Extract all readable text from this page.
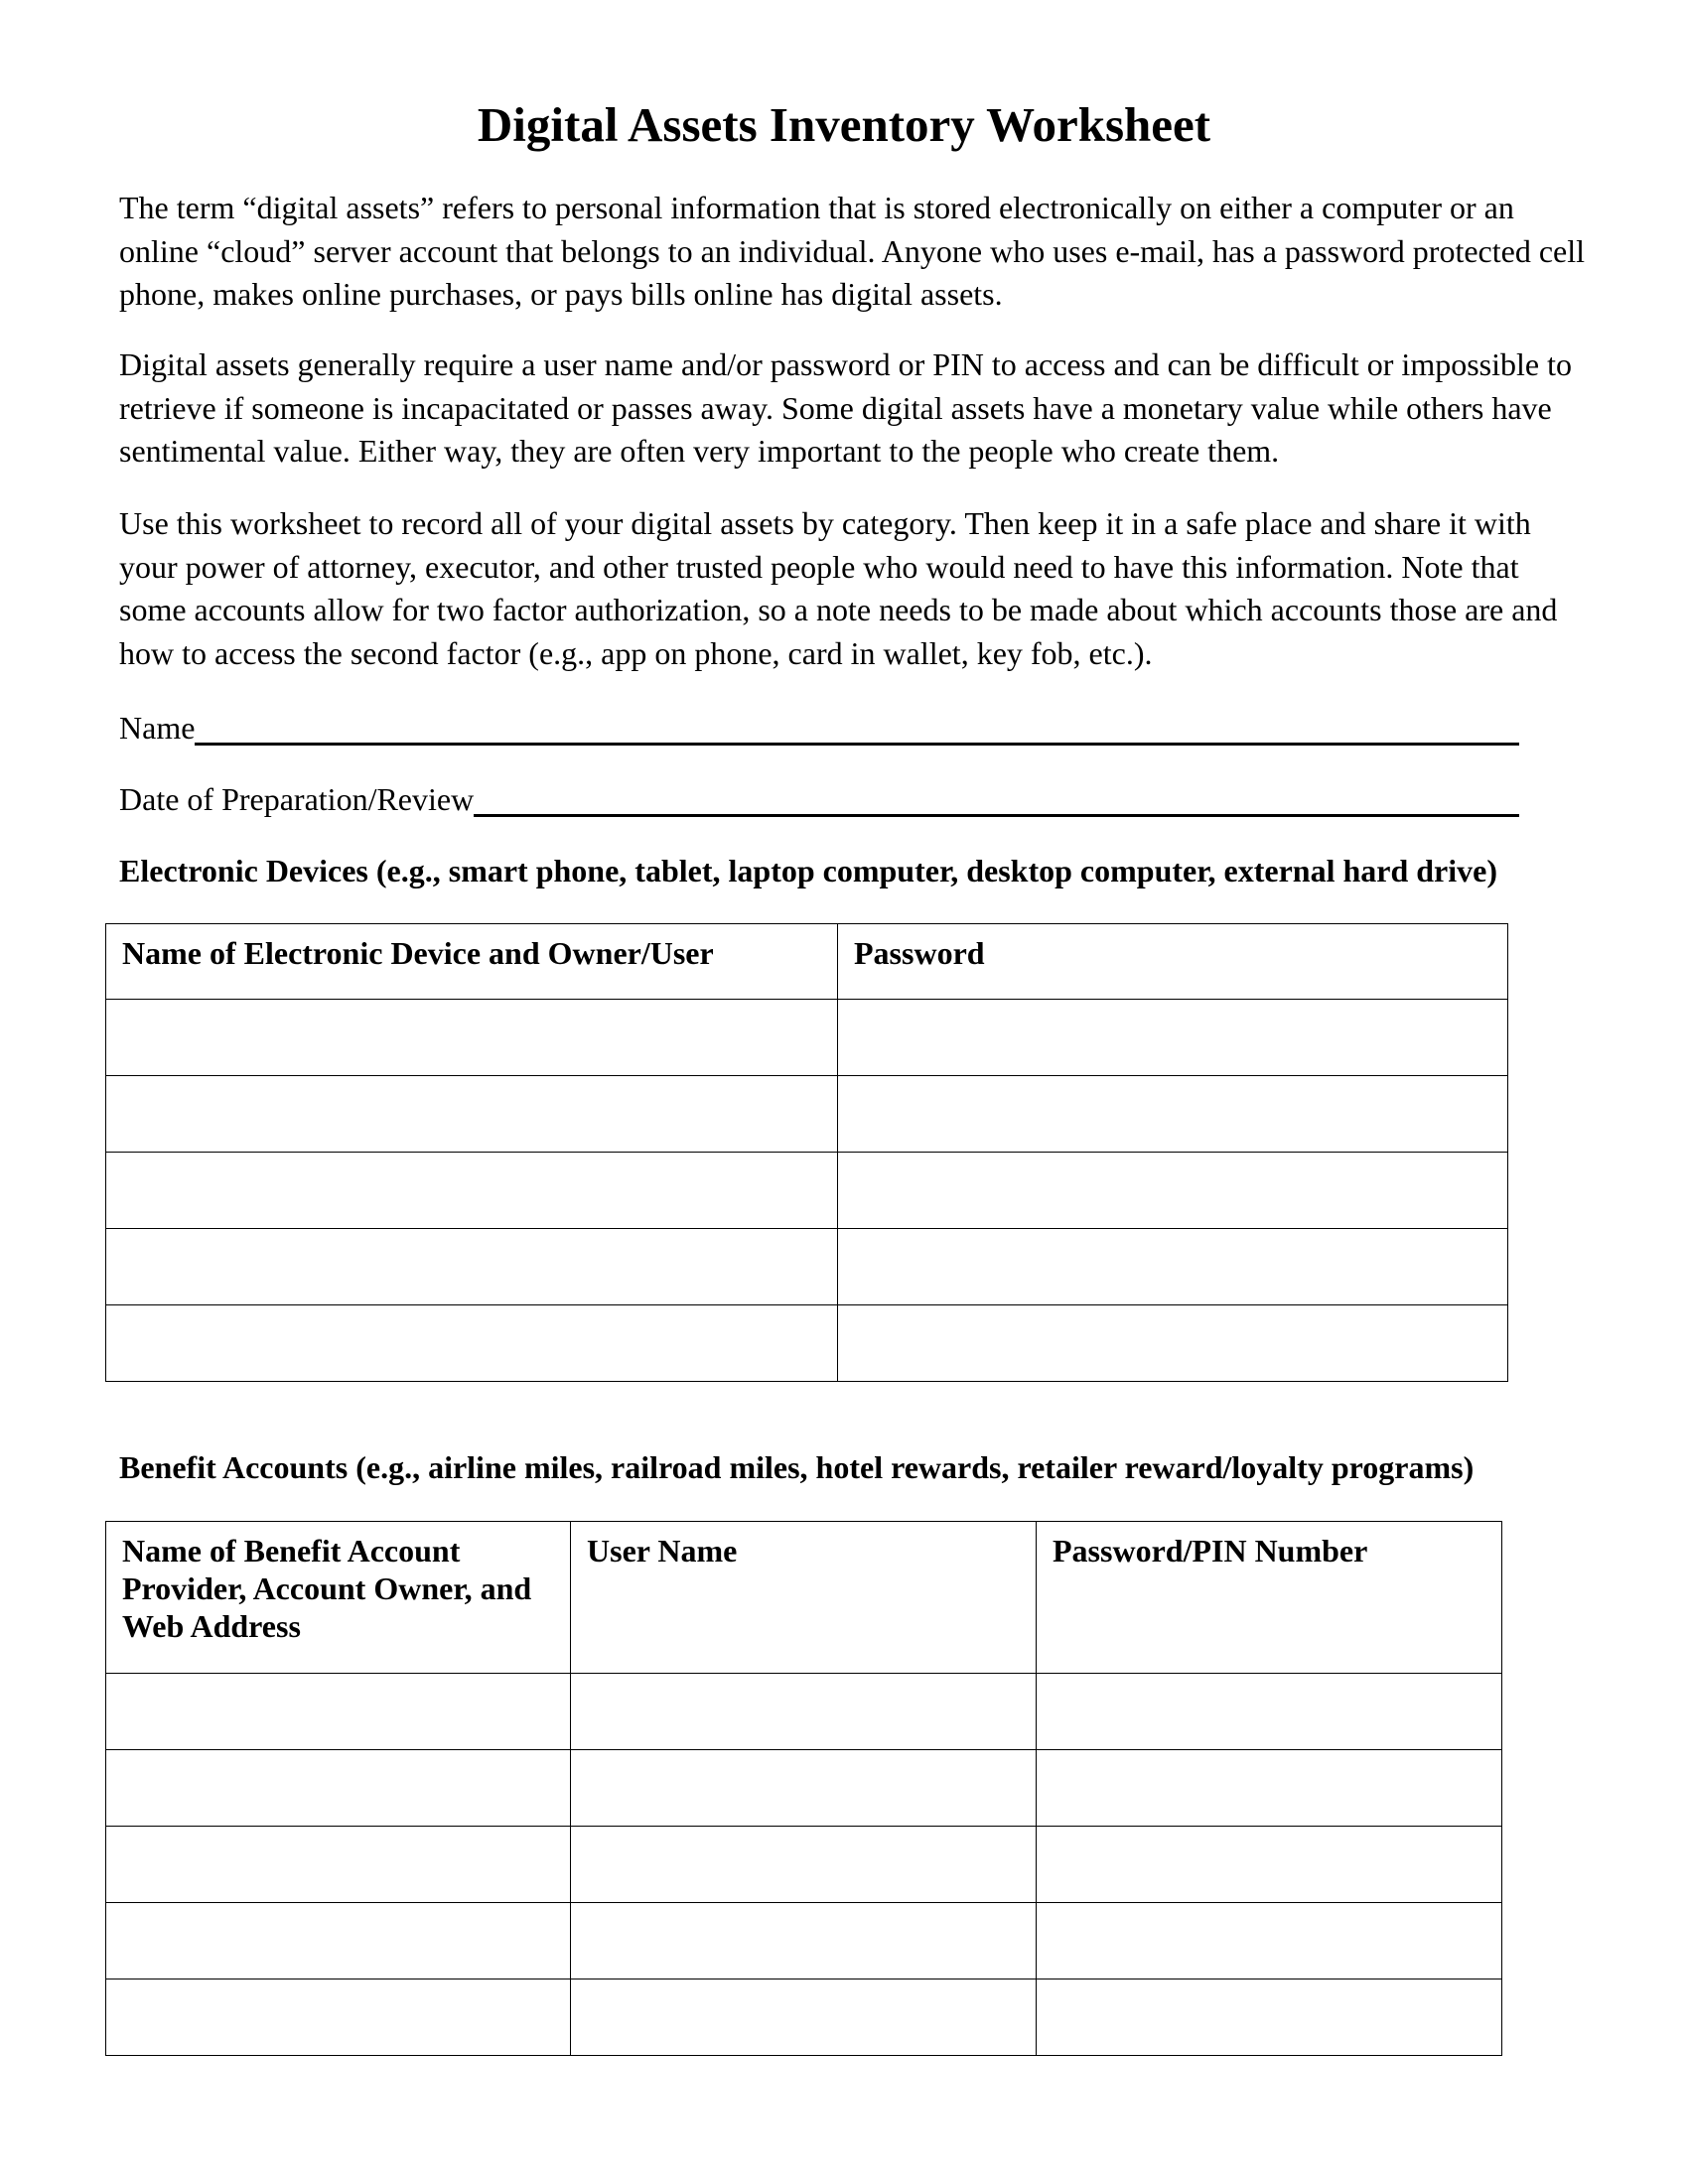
Digital Assets Inventory Worksheet

The term “digital assets” refers to personal information that is stored electronically on either a computer or an online “cloud” server account that belongs to an individual. Anyone who uses e-mail, has a password protected cell phone, makes online purchases, or pays bills online has digital assets.

Digital assets generally require a user name and/or password or PIN to access and can be difficult or impossible to retrieve if someone is incapacitated or passes away. Some digital assets have a monetary value while others have sentimental value. Either way, they are often very important to the people who create them.

Use this worksheet to record all of your digital assets by category. Then keep it in a safe place and share it with your power of attorney, executor, and other trusted people who would need to have this information. Note that some accounts allow for two factor authorization, so a note needs to be made about which accounts those are and how to access the second factor (e.g., app on phone, card in wallet, key fob, etc.).

Name
Date of Preparation/Review
Electronic Devices (e.g., smart phone, tablet, laptop computer, desktop computer, external hard drive)
Name of Electronic Device and Owner/User	Password

Benefit Accounts (e.g., airline miles, railroad miles, hotel rewards, retailer reward/loyalty programs)
Name of Benefit Account Provider, Account Owner, and Web Address	User Name	Password/PIN Number
